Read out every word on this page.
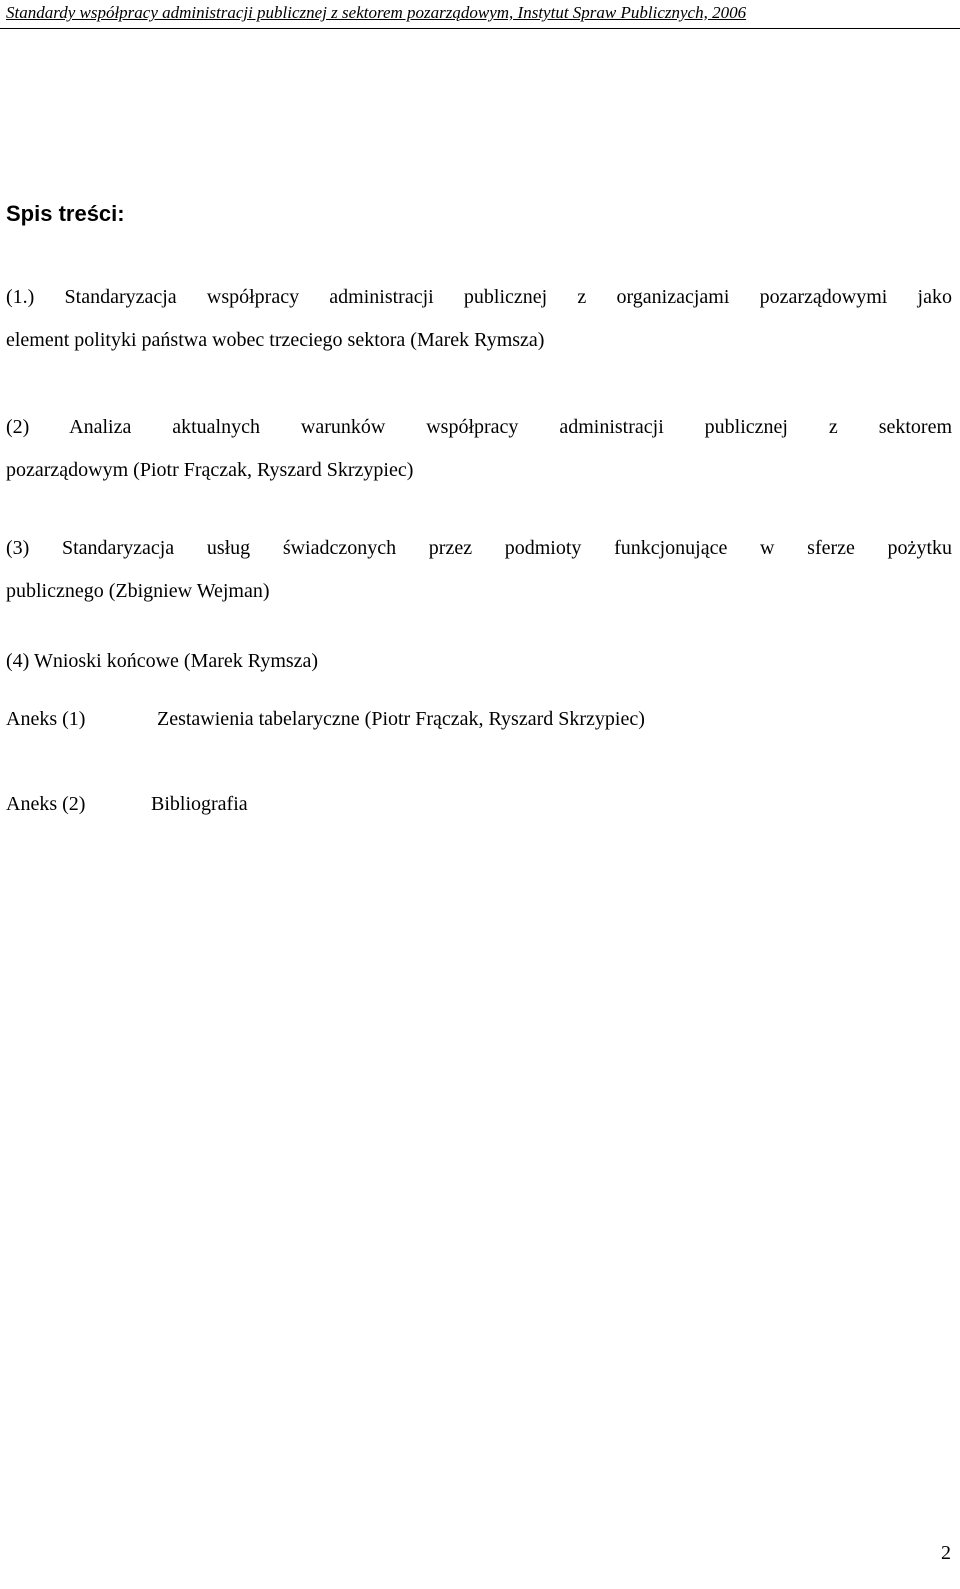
Standardy współpracy administracji publicznej z sektorem pozarządowym, Instytut Spraw Publicznych, 2006
Spis treści:
(1.) Standaryzacja współpracy administracji publicznej z organizacjami pozarządowymi jako
element polityki państwa wobec trzeciego sektora (Marek Rymsza)
(2) Analiza aktualnych warunków współpracy administracji publicznej z sektorem
pozarządowym (Piotr Frączak, Ryszard Skrzypiec)
(3) Standaryzacja usług świadczonych przez podmioty funkcjonujące w sferze pożytku
publicznego (Zbigniew Wejman)
(4) Wnioski końcowe (Marek Rymsza)
Aneks (1)	Zestawienia tabelaryczne (Piotr Frączak, Ryszard Skrzypiec)
Aneks (2)	Bibliografia
2
